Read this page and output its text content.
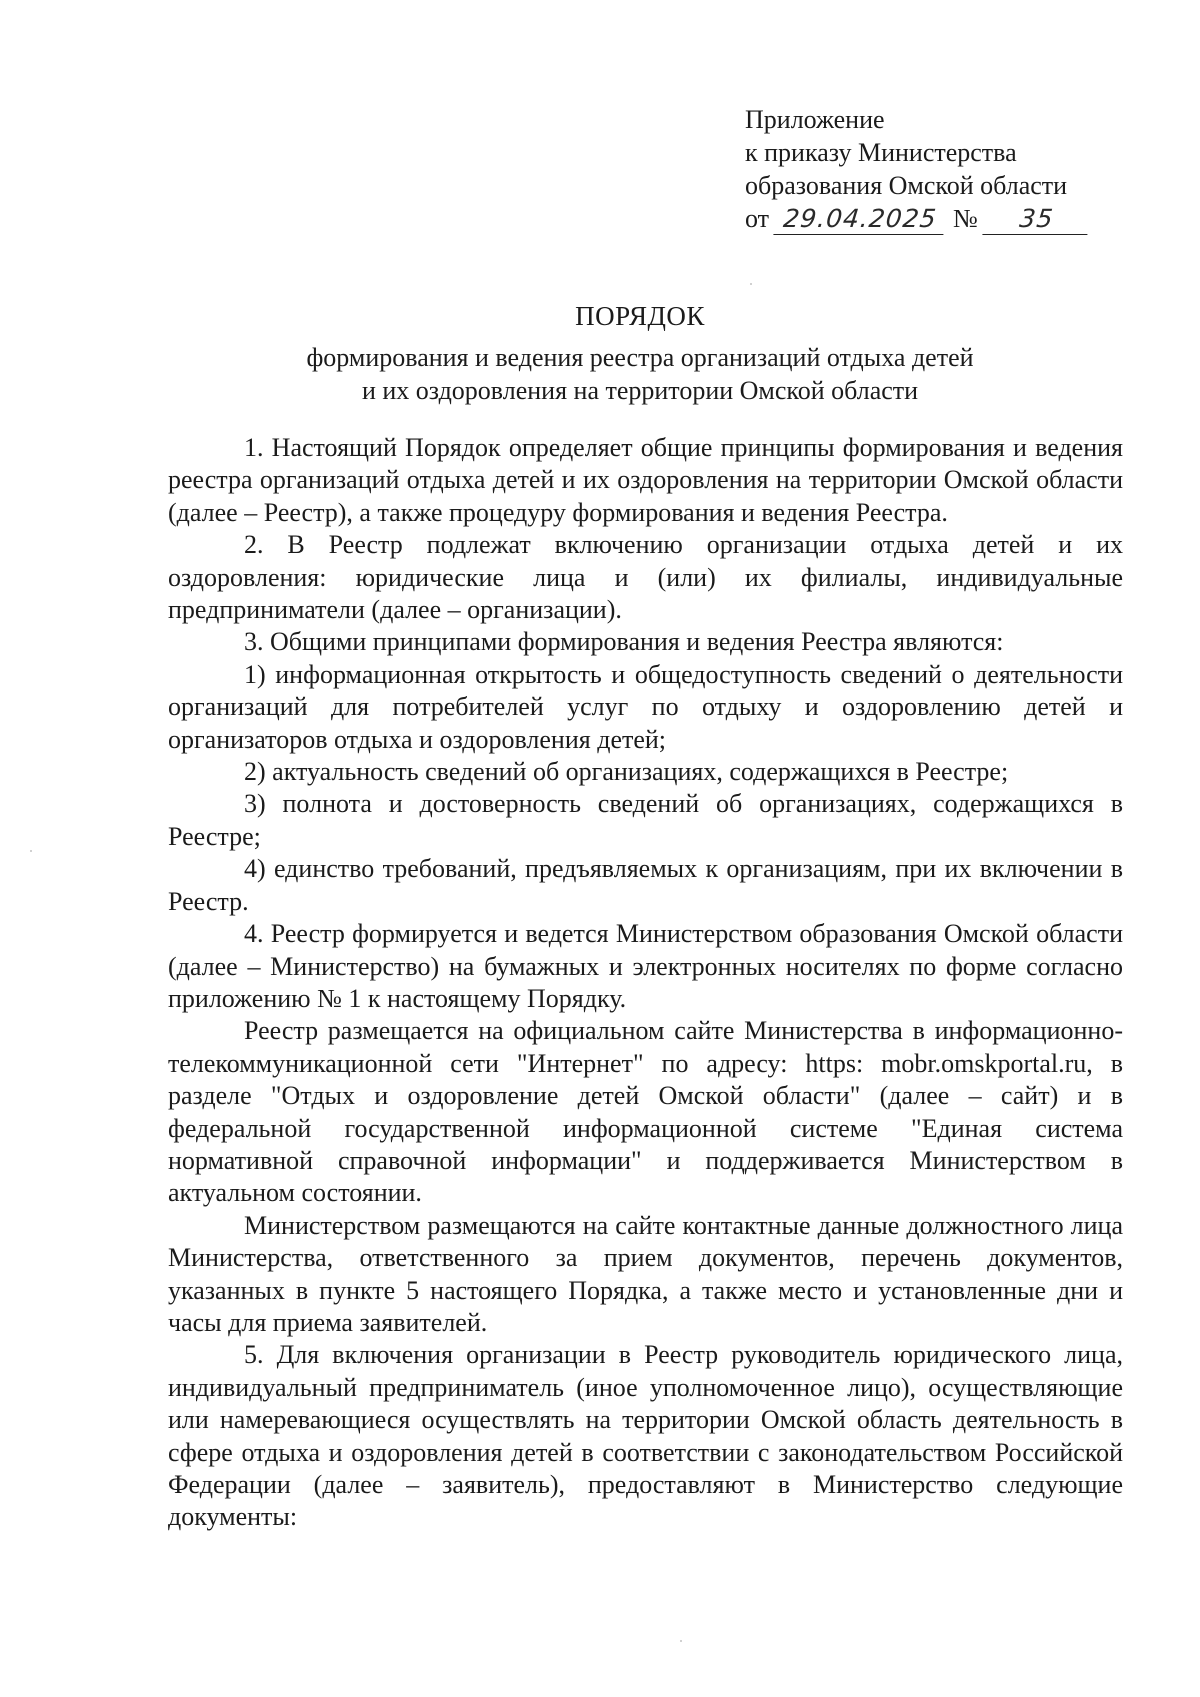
Приложение
к приказу Министерства
образования Омской области
от 29.04.2025 №	35
ПОРЯДОК
формирования и ведения реестра организаций отдыха детей
и их оздоровления на территории Омской области

1. Настоящий Порядок определяет общие принципы формирования и ведения реестра организаций отдыха детей и их оздоровления на территории Омской области (далее – Реестр), а также процедуру формирования и ведения Реестра.

2. В Реестр подлежат включению организации отдыха детей и их оздоровления: юридические лица и (или) их филиалы, индивидуальные предприниматели (далее – организации).

3. Общими принципами формирования и ведения Реестра являются:

1) информационная открытость и общедоступность сведений о деятельности организаций для потребителей услуг по отдыху и оздоровлению детей и организаторов отдыха и оздоровления детей;

2) актуальность сведений об организациях, содержащихся в Реестре;

3) полнота и достоверность сведений об организациях, содержащихся в Реестре;

4) единство требований, предъявляемых к организациям, при их включении в Реестр.

4. Реестр формируется и ведется Министерством образования Омской области (далее – Министерство) на бумажных и электронных носителях по форме согласно приложению № 1 к настоящему Порядку.

Реестр размещается на официальном сайте Министерства в информационно-телекоммуникационной сети "Интернет" по адресу: https: mobr.omskportal.ru, в разделе "Отдых и оздоровление детей Омской области" (далее – сайт) и в федеральной государственной информационной системе "Единая система нормативной справочной информации" и поддерживается Министерством в актуальном состоянии.

Министерством размещаются на сайте контактные данные должностного лица Министерства, ответственного за прием документов, перечень документов, указанных в пункте 5 настоящего Порядка, а также место и установленные дни и часы для приема заявителей.

5. Для включения организации в Реестр руководитель юридического лица, индивидуальный предприниматель (иное уполномоченное лицо), осуществляющие или намеревающиеся осуществлять на территории Омской область деятельность в сфере отдыха и оздоровления детей в соответствии с законодательством Российской Федерации (далее – заявитель), предоставляют в Министерство следующие документы:
